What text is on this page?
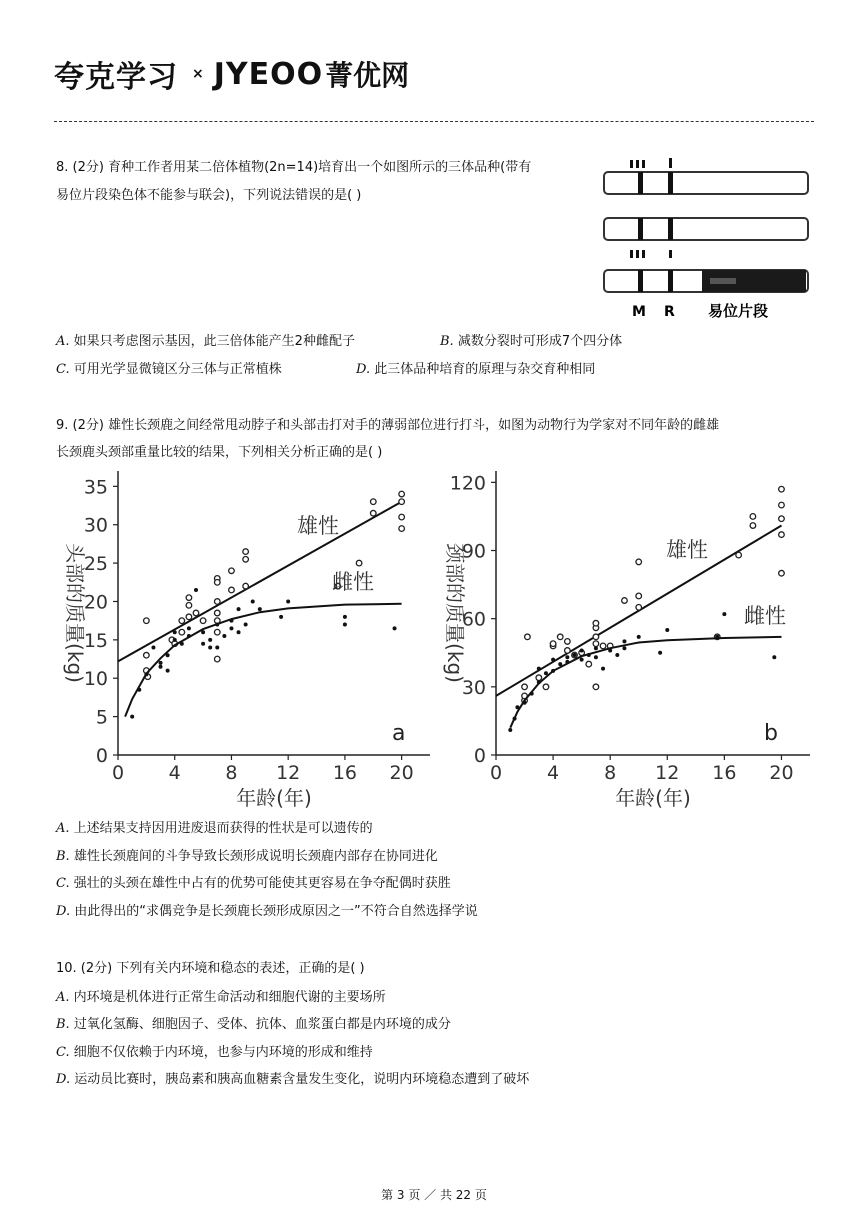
夸克学习 × JYEOO 菁优网
8. (2分) 育种工作者用某二倍体植物(2n=14)培育出一个如图所示的三体品种(带有
易位片段染色体不能参与联会)，下列说法错误的是( )
M R 易位片段
A. 如果只考虑图示基因，此三倍体能产生2种雌配子	B. 减数分裂时可形成7个四分体
C. 可用光学显微镜区分三体与正常植株	D. 此三体品种培育的原理与杂交育种相同
9. (2分) 雄性长颈鹿之间经常甩动脖子和头部击打对手的薄弱部位进行打斗，如图为动物行为学家对不同年龄的雌雄
长颈鹿头颈部重量比较的结果，下列相关分析正确的是( )
0 4 8 12 16 20
0
5
10
15
20
25
30
35
年龄(年)
头部的质量(kg)
a
雄性
雌性
0 4 8 12 16 20
0
30
60
90
120
年龄(年)
颈部的质量(kg)
b
雄性
雌性
A. 上述结果支持因用进废退而获得的性状是可以遗传的
B. 雄性长颈鹿间的斗争导致长颈形成说明长颈鹿内部存在协同进化
C. 强壮的头颈在雄性中占有的优势可能使其更容易在争夺配偶时获胜
D. 由此得出的“求偶竞争是长颈鹿长颈形成原因之一”不符合自然选择学说
10. (2分) 下列有关内环境和稳态的表述，正确的是( )
A. 内环境是机体进行正常生命活动和细胞代谢的主要场所
B. 过氧化氢酶、细胞因子、受体、抗体、血浆蛋白都是内环境的成分
C. 细胞不仅依赖于内环境，也参与内环境的形成和维持
D. 运动员比赛时，胰岛素和胰高血糖素含量发生变化，说明内环境稳态遭到了破坏
第 3 页 ／ 共 22 页
